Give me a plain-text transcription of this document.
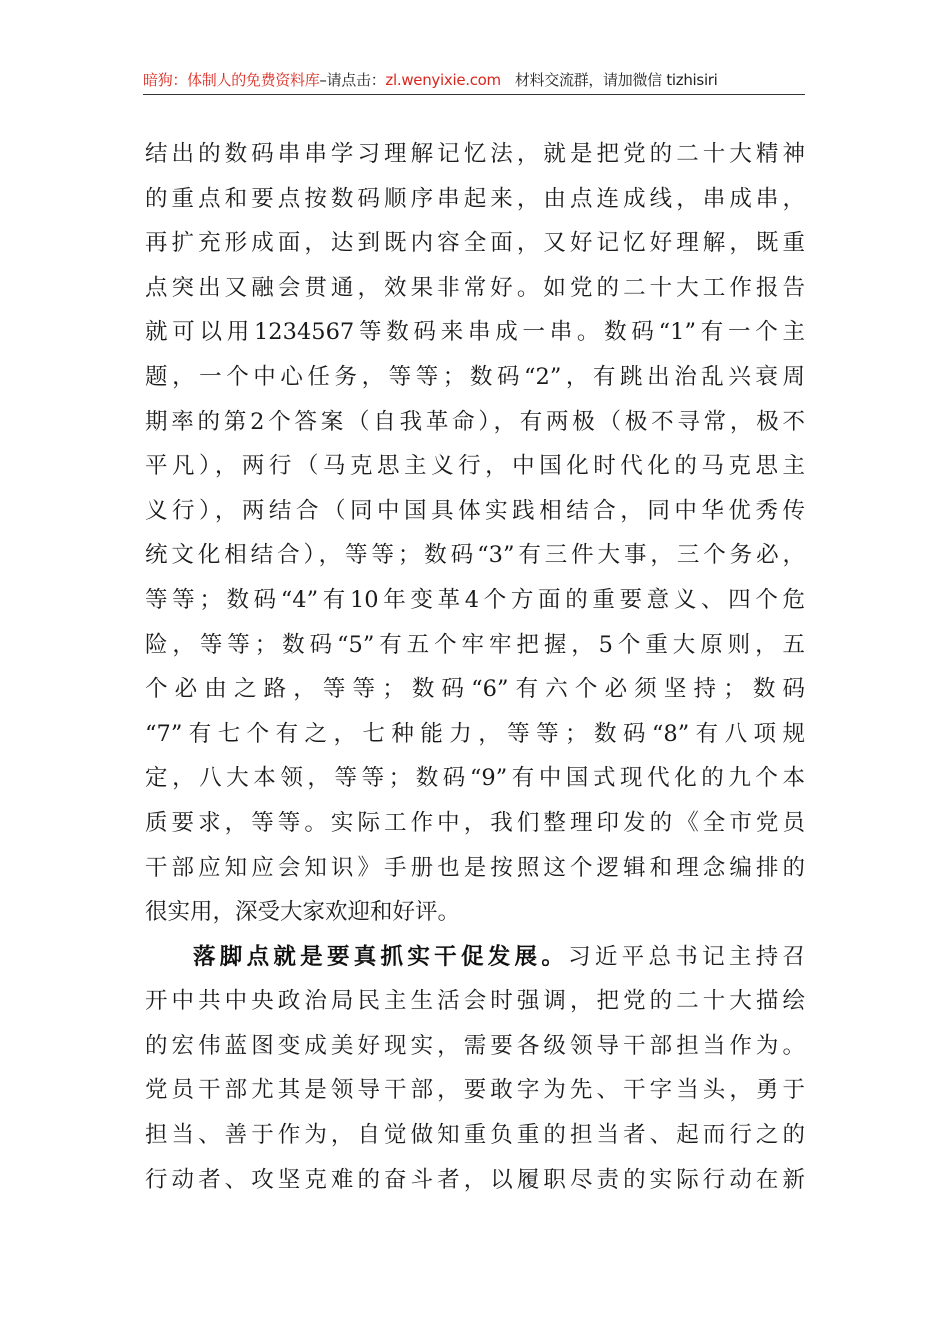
暗狗：体制人的免费资料库–请点击：zl.wenyixie.com 材料交流群，请加微信 tizhisiri
结出的数码串串学习理解记忆法，就是把党的二十大精神
的重点和要点按数码顺序串起来，由点连成线，串成串，
再扩充形成面，达到既内容全面，又好记忆好理解，既重
点突出又融会贯通，效果非常好。如党的二十大工作报告
就可以用1234567等数码来串成一串。数码“1”有一个主
题，一个中心任务，等等；数码“2”，有跳出治乱兴衰周
期率的第2个答案（自我革命），有两极（极不寻常，极不
平凡），两行（马克思主义行，中国化时代化的马克思主
义行），两结合（同中国具体实践相结合，同中华优秀传
统文化相结合），等等；数码“3”有三件大事，三个务必，
等等；数码“4”有10年变革4个方面的重要意义、四个危
险，等等；数码“5”有五个牢牢把握，5个重大原则，五
个必由之路，等等；数码“6”有六个必须坚持；数码
“7”有七个有之，七种能力，等等；数码“8”有八项规
定，八大本领，等等；数码“9”有中国式现代化的九个本
质要求，等等。实际工作中，我们整理印发的《全市党员
干部应知应会知识》手册也是按照这个逻辑和理念编排的
很实用，深受大家欢迎和好评。
落脚点就是要真抓实干促发展。习近平总书记主持召
开中共中央政治局民主生活会时强调，把党的二十大描绘
的宏伟蓝图变成美好现实，需要各级领导干部担当作为。
党员干部尤其是领导干部，要敢字为先、干字当头，勇于
担当、善于作为，自觉做知重负重的担当者、起而行之的
行动者、攻坚克难的奋斗者，以履职尽责的实际行动在新
